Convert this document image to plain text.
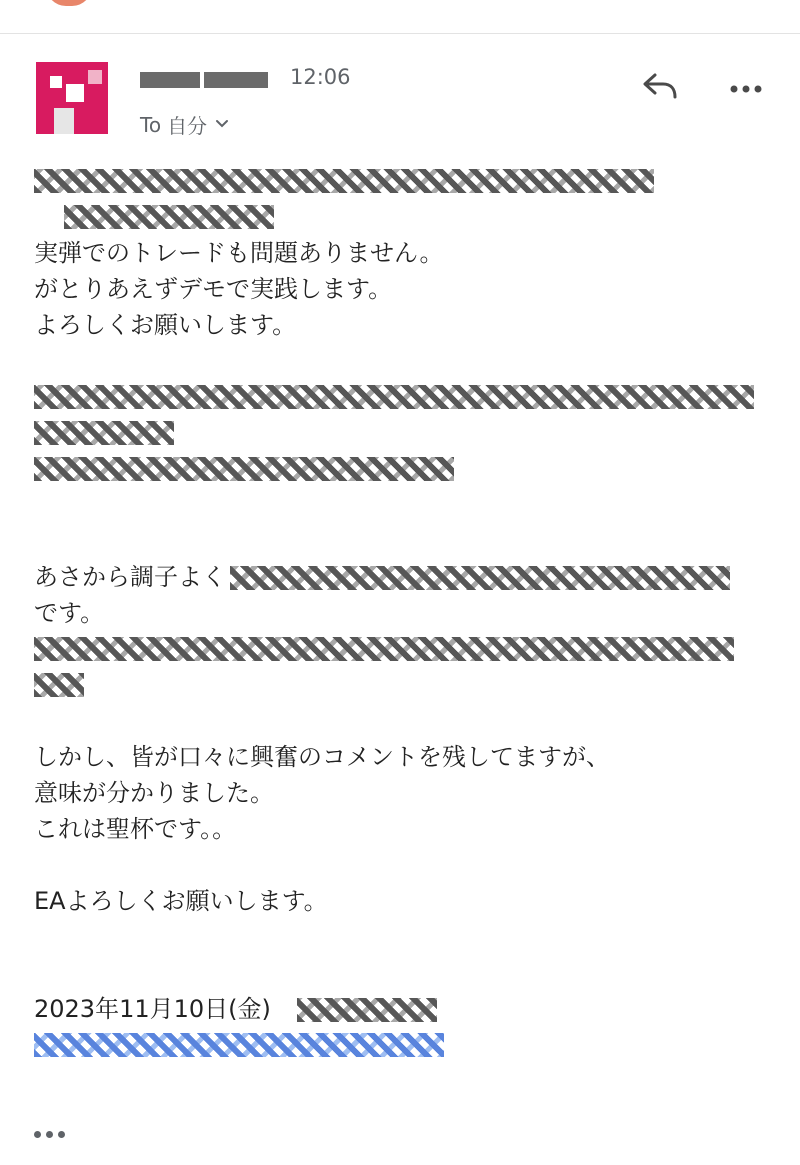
12:06
To 自分
実弾でのトレードも問題ありません。
がとりあえずデモで実践します。
よろしくお願いします。
あさから調子よく
です。
しかし、皆が口々に興奮のコメントを残してますが、
意味が分かりました。
これは聖杯です。。
EAよろしくお願いします。
2023年11月10日(金)
